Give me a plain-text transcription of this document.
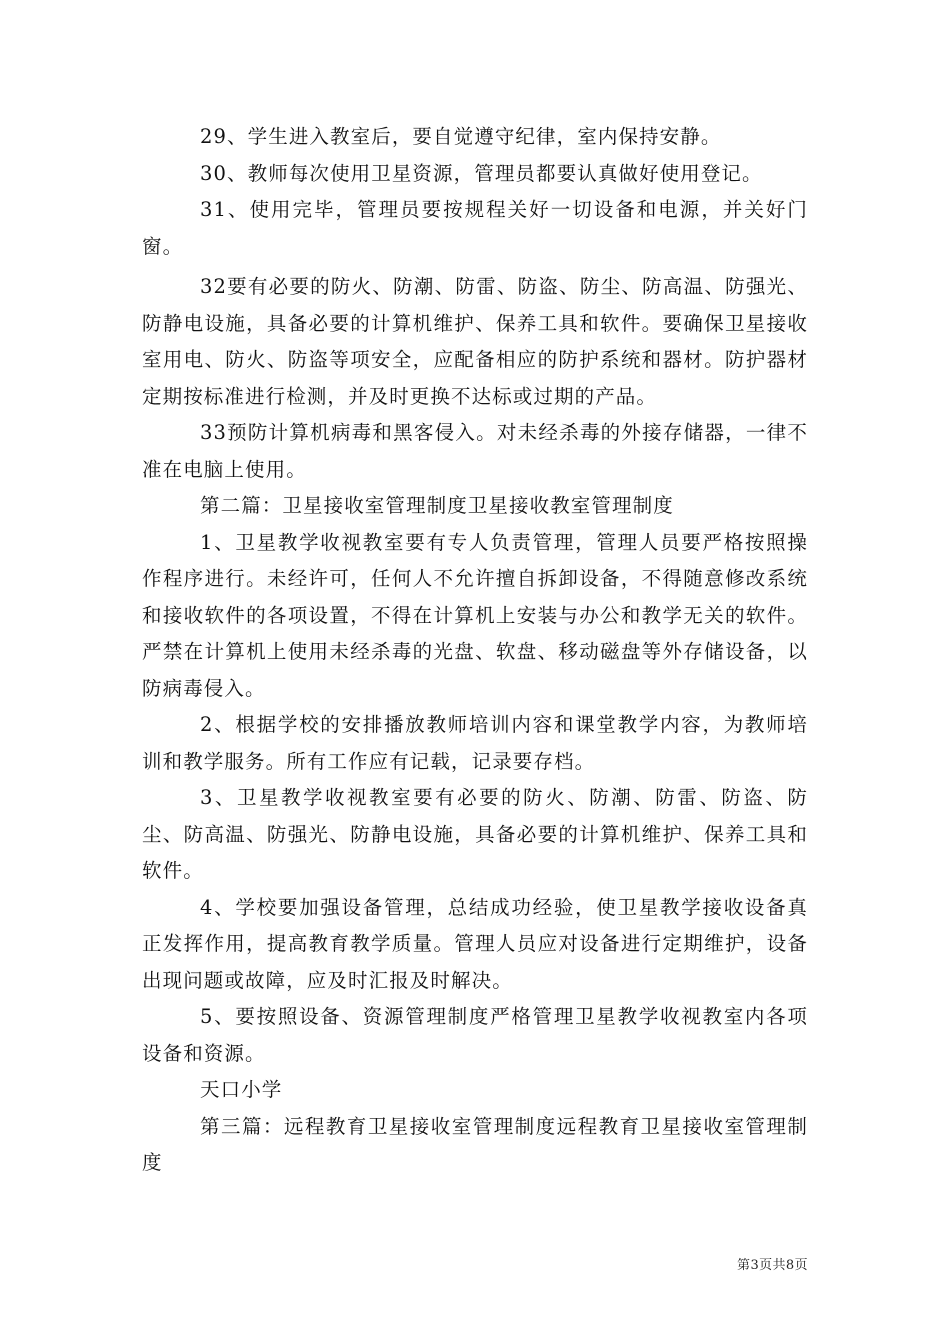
29、学生进入教室后，要自觉遵守纪律，室内保持安静。

30、教师每次使用卫星资源，管理员都要认真做好使用登记。

31、使用完毕，管理员要按规程关好一切设备和电源，并关好门窗。

32要有必要的防火、防潮、防雷、防盗、防尘、防高温、防强光、防静电设施，具备必要的计算机维护、保养工具和软件。要确保卫星接收室用电、防火、防盗等项安全，应配备相应的防护系统和器材。防护器材定期按标准进行检测，并及时更换不达标或过期的产品。

33预防计算机病毒和黑客侵入。对未经杀毒的外接存储器，一律不准在电脑上使用。

第二篇：卫星接收室管理制度卫星接收教室管理制度

1、卫星教学收视教室要有专人负责管理，管理人员要严格按照操作程序进行。未经许可，任何人不允许擅自拆卸设备，不得随意修改系统和接收软件的各项设置，不得在计算机上安装与办公和教学无关的软件。严禁在计算机上使用未经杀毒的光盘、软盘、移动磁盘等外存储设备，以防病毒侵入。

2、根据学校的安排播放教师培训内容和课堂教学内容，为教师培训和教学服务。所有工作应有记载，记录要存档。

3、卫星教学收视教室要有必要的防火、防潮、防雷、防盗、防尘、防高温、防强光、防静电设施，具备必要的计算机维护、保养工具和软件。

4、学校要加强设备管理，总结成功经验，使卫星教学接收设备真正发挥作用，提高教育教学质量。管理人员应对设备进行定期维护，设备出现问题或故障，应及时汇报及时解决。

5、要按照设备、资源管理制度严格管理卫星教学收视教室内各项设备和资源。

天口小学

第三篇：远程教育卫星接收室管理制度远程教育卫星接收室管理制度

第3页共8页
